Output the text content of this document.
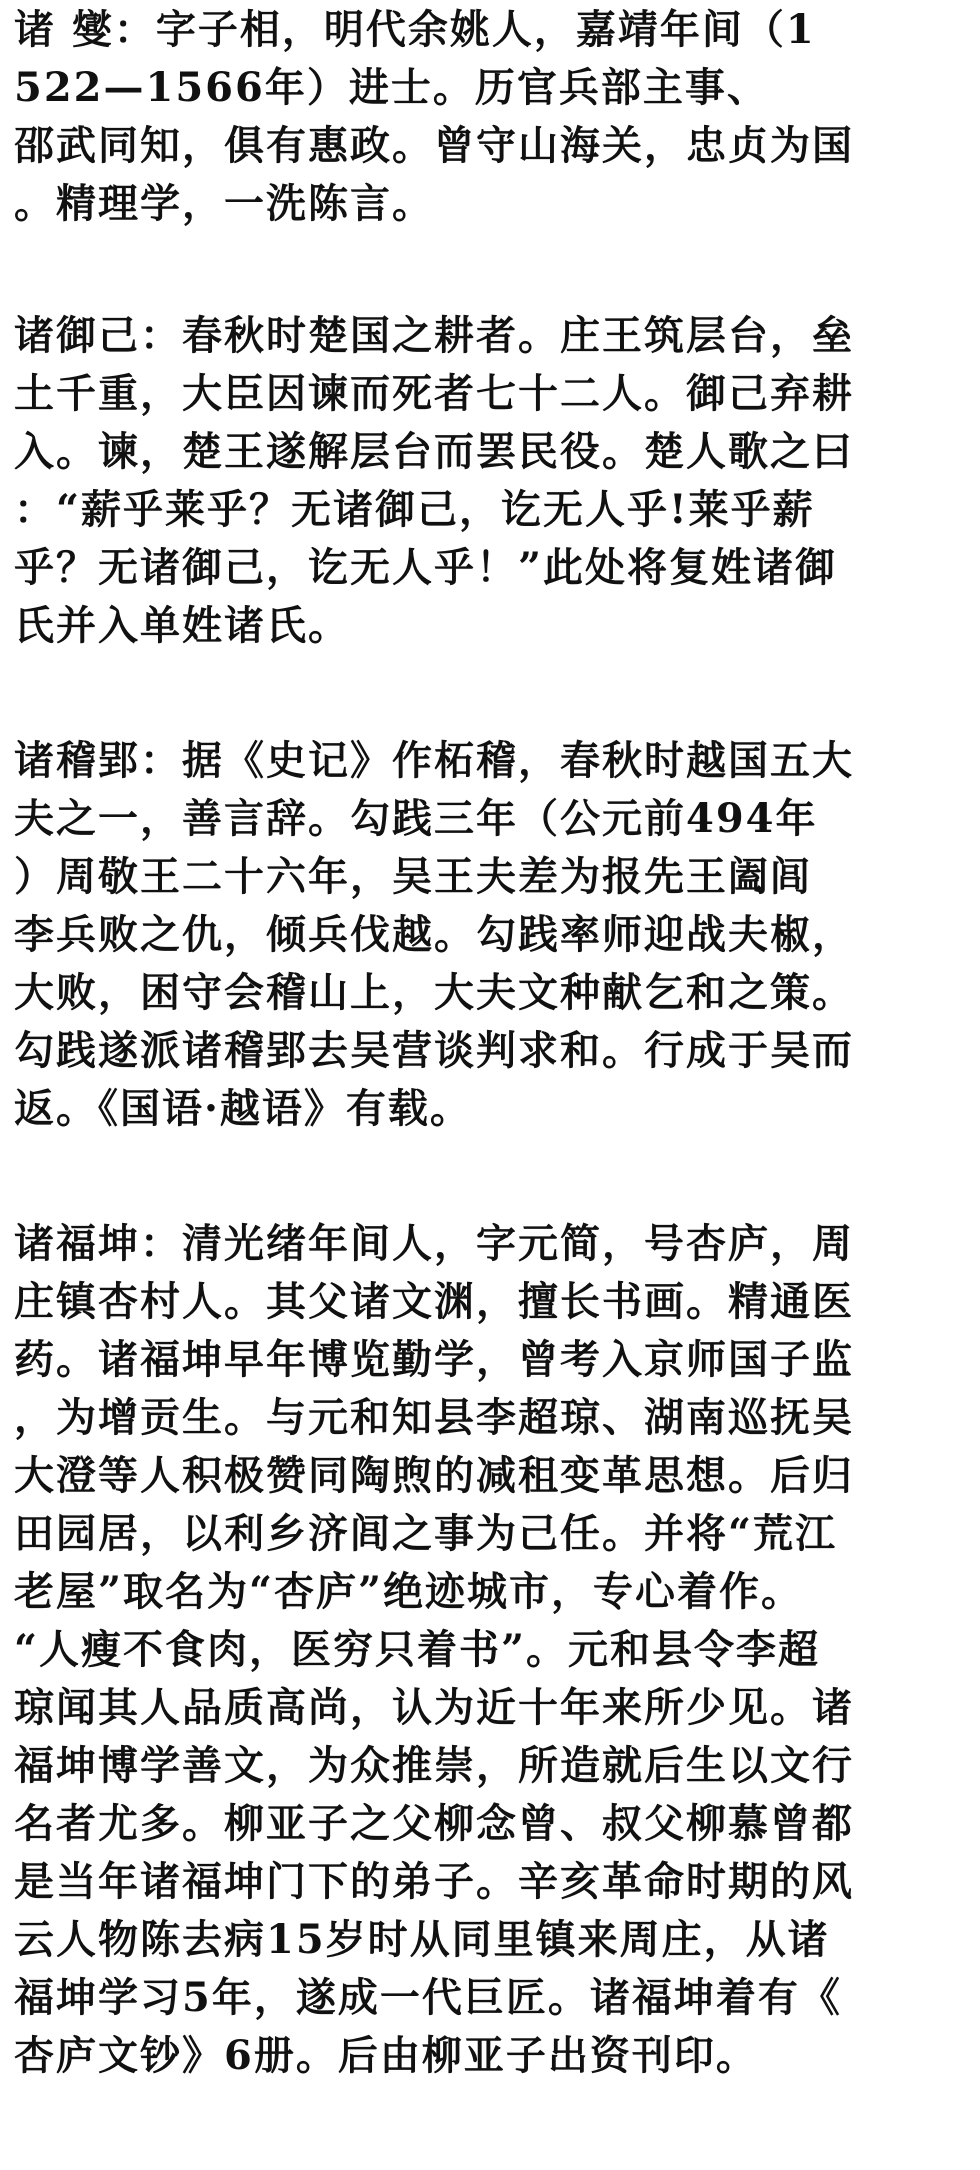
诸 燮：字子相，明代余姚人，嘉靖年间（1
522—1566年）进士。历官兵部主事、
邵武同知，俱有惠政。曾守山海关，忠贞为国
。精理学，一洗陈言。
诸御己：春秋时楚国之耕者。庄王筑层台，垒
土千重，大臣因谏而死者七十二人。御己弃耕
入。谏，楚王遂解层台而罢民役。楚人歌之曰
：“薪乎莱乎？无诸御己，讫无人乎!莱乎薪
乎？无诸御己，讫无人乎！”此处将复姓诸御
氏并入单姓诸氏。
诸稽郢：据《史记》作柘稽，春秋时越国五大
夫之一，善言辞。勾践三年（公元前494年
）周敬王二十六年，吴王夫差为报先王阖闾
李兵败之仇，倾兵伐越。勾践率师迎战夫椒，
大败，困守会稽山上，大夫文种献乞和之策。
勾践遂派诸稽郢去吴营谈判求和。行成于吴而
返。《国语·越语》有载。
诸福坤：清光绪年间人，字元简，号杏庐，周
庄镇杏村人。其父诸文渊，擅长书画。精通医
药。诸福坤早年博览勤学，曾考入京师国子监
，为增贡生。与元和知县李超琼、湖南巡抚吴
大澄等人积极赞同陶煦的减租变革思想。后归
田园居，以利乡济闾之事为己任。并将“荒江
老屋”取名为“杏庐”绝迹城市，专心着作。
“人瘦不食肉，医穷只着书”。元和县令李超
琼闻其人品质高尚，认为近十年来所少见。诸
福坤博学善文，为众推崇，所造就后生以文行
名者尤多。柳亚子之父柳念曾、叔父柳慕曾都
是当年诸福坤门下的弟子。辛亥革命时期的风
云人物陈去病15岁时从同里镇来周庄，从诸
福坤学习5年，遂成一代巨匠。诸福坤着有《
杏庐文钞》6册。后由柳亚子出资刊印。
